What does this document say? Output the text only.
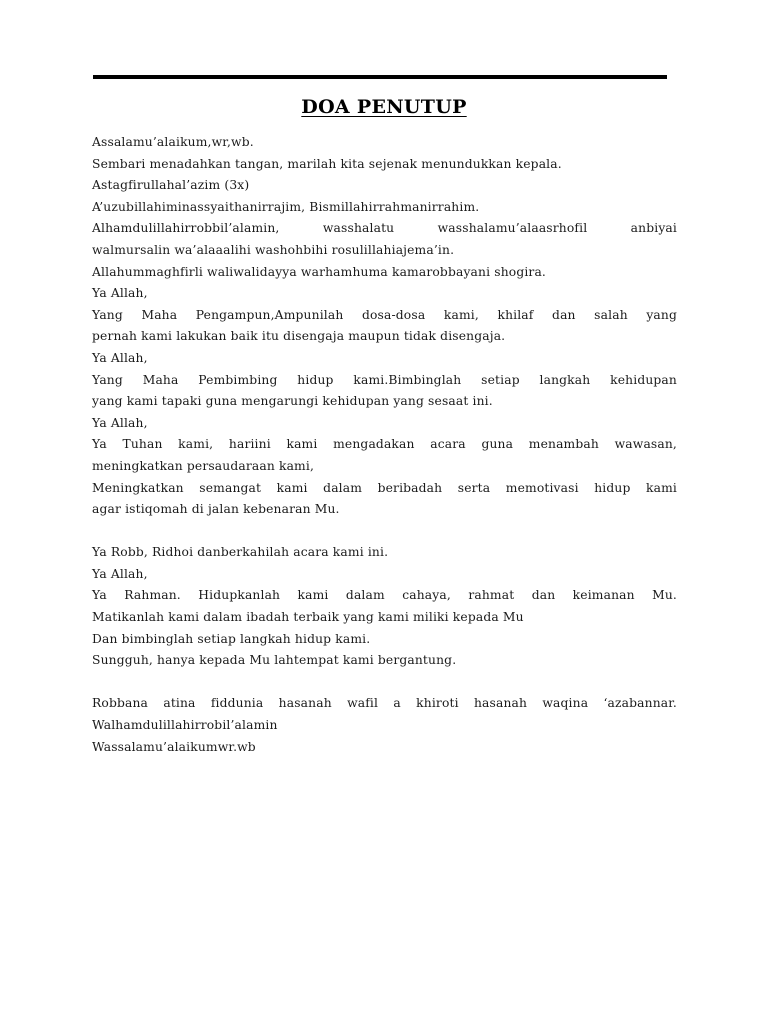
DOA PENUTUP
Assalamu’alaikum,wr,wb.
Sembari menadahkan tangan, marilah kita sejenak menundukkan kepala.
Astagfirullahal’azim (3x)
A’uzubillahiminassyaithanirrajim, Bismillahirrahmanirrahim.
Alhamdulillahirrobbil’alamin, wasshalatu wasshalamu’alaasrhofil anbiyai
walmursalin wa’alaaalihi washohbihi rosulillahiajema’in.
Allahummaghfirli waliwalidayya warhamhuma kamarobbayani shogira.
Ya Allah,
Yang Maha Pengampun,Ampunilah dosa-dosa kami, khilaf dan salah yang
pernah kami lakukan baik itu disengaja maupun tidak disengaja.
Ya Allah,
Yang Maha Pembimbing hidup kami.Bimbinglah setiap langkah kehidupan
yang kami tapaki guna mengarungi kehidupan yang sesaat ini.
Ya Allah,
Ya Tuhan kami, hariini kami mengadakan acara guna menambah wawasan,
meningkatkan persaudaraan kami,
Meningkatkan semangat kami dalam beribadah serta memotivasi hidup kami
agar istiqomah di jalan kebenaran Mu.
Ya Robb, Ridhoi danberkahilah acara kami ini.
Ya Allah,
Ya Rahman. Hidupkanlah kami dalam cahaya, rahmat dan keimanan Mu.
Matikanlah kami dalam ibadah terbaik yang kami miliki kepada Mu
Dan bimbinglah setiap langkah hidup kami.
Sungguh, hanya kepada Mu lahtempat kami bergantung.
Robbana atina fiddunia hasanah wafil a khiroti hasanah waqina ‘azabannar.
Walhamdulillahirrobil’alamin
Wassalamu’alaikumwr.wb
